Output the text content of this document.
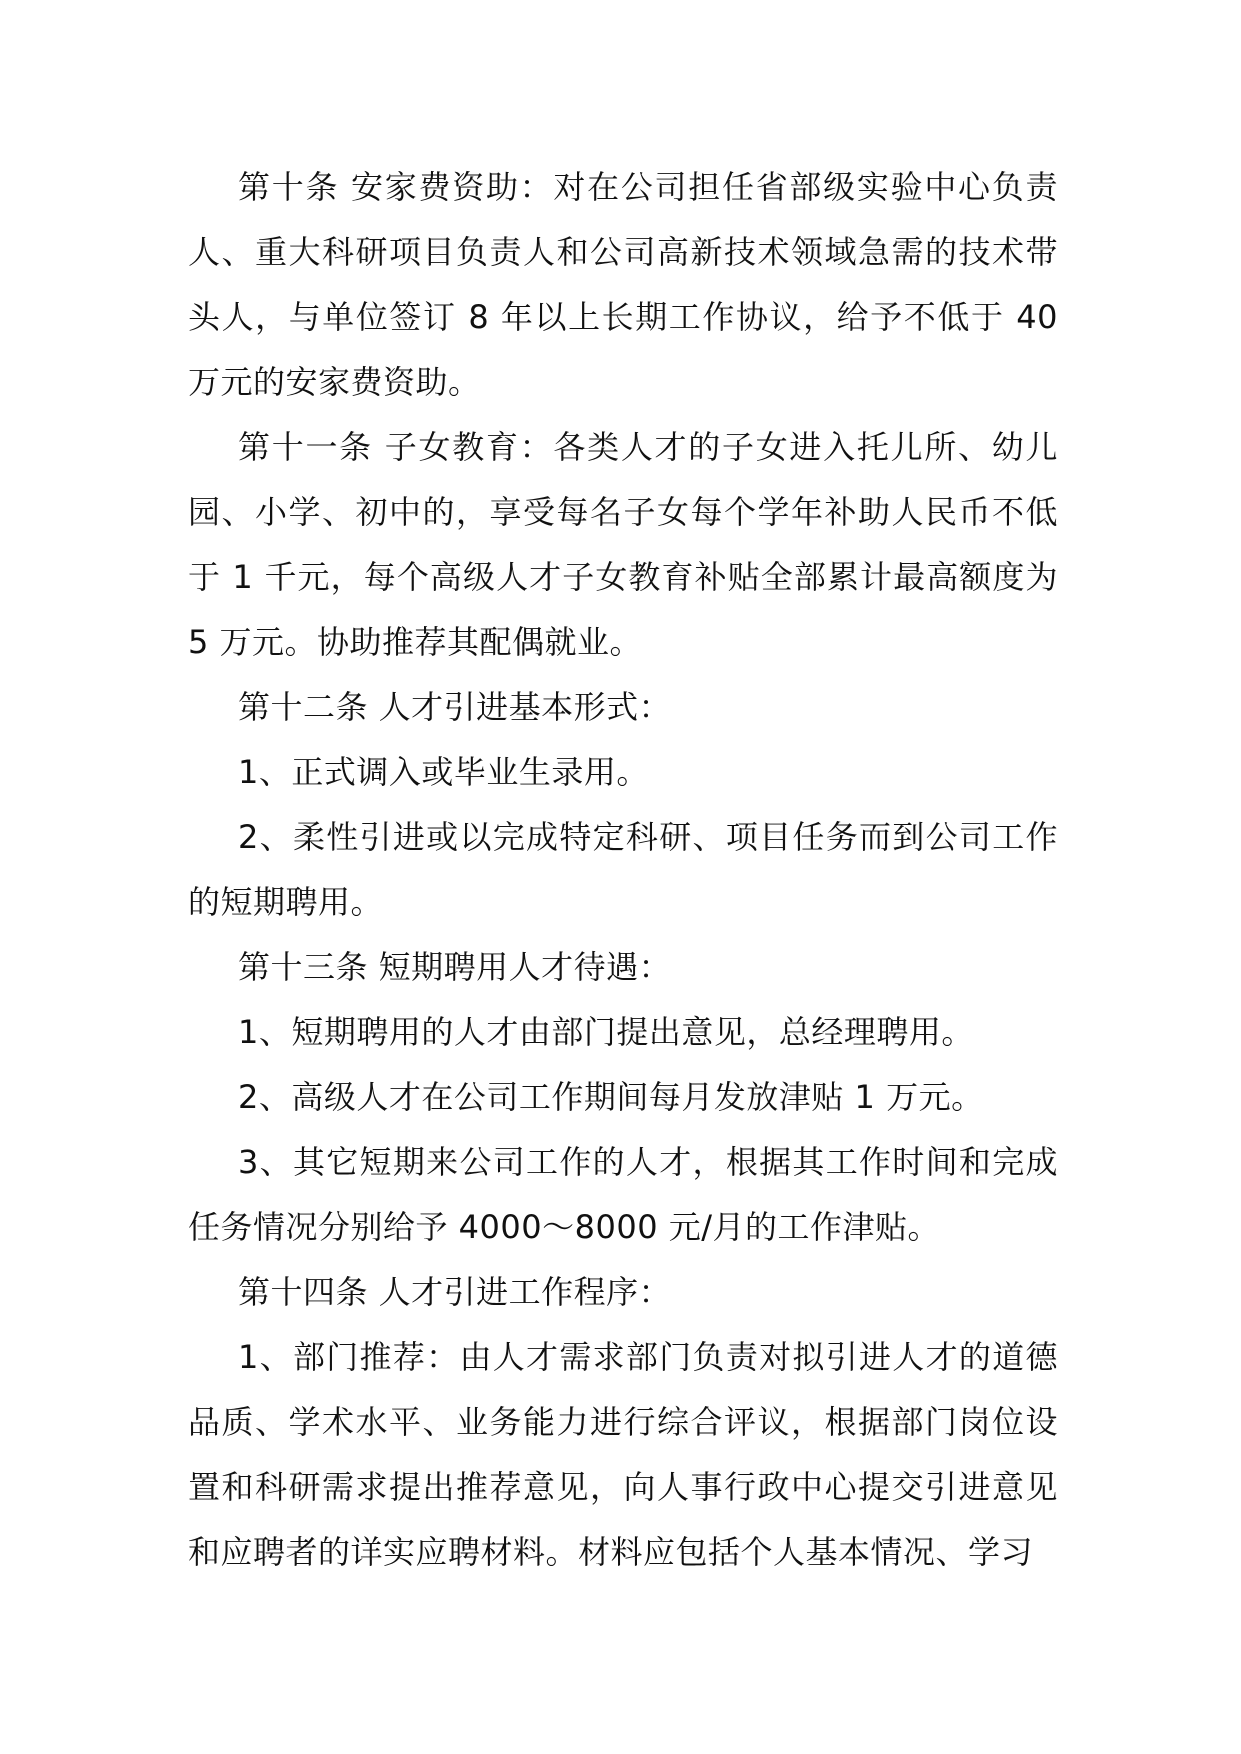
第十条 安家费资助：对在公司担任省部级实验中心负责人、重大科研项目负责人和公司高新技术领域急需的技术带头人，与单位签订 8 年以上长期工作协议，给予不低于 40 万元的安家费资助。

第十一条 子女教育：各类人才的子女进入托儿所、幼儿园、小学、初中的，享受每名子女每个学年补助人民币不低于 1 千元，每个高级人才子女教育补贴全部累计最高额度为 5 万元。协助推荐其配偶就业。

第十二条 人才引进基本形式：

1、正式调入或毕业生录用。

2、柔性引进或以完成特定科研、项目任务而到公司工作的短期聘用。

第十三条 短期聘用人才待遇：

1、短期聘用的人才由部门提出意见，总经理聘用。

2、高级人才在公司工作期间每月发放津贴 1 万元。

3、其它短期来公司工作的人才，根据其工作时间和完成任务情况分别给予 4000～8000 元/月的工作津贴。

第十四条 人才引进工作程序：

1、部门推荐：由人才需求部门负责对拟引进人才的道德品质、学术水平、业务能力进行综合评议，根据部门岗位设置和科研需求提出推荐意见，向人事行政中心提交引进意见和应聘者的详实应聘材料。材料应包括个人基本情况、学习
